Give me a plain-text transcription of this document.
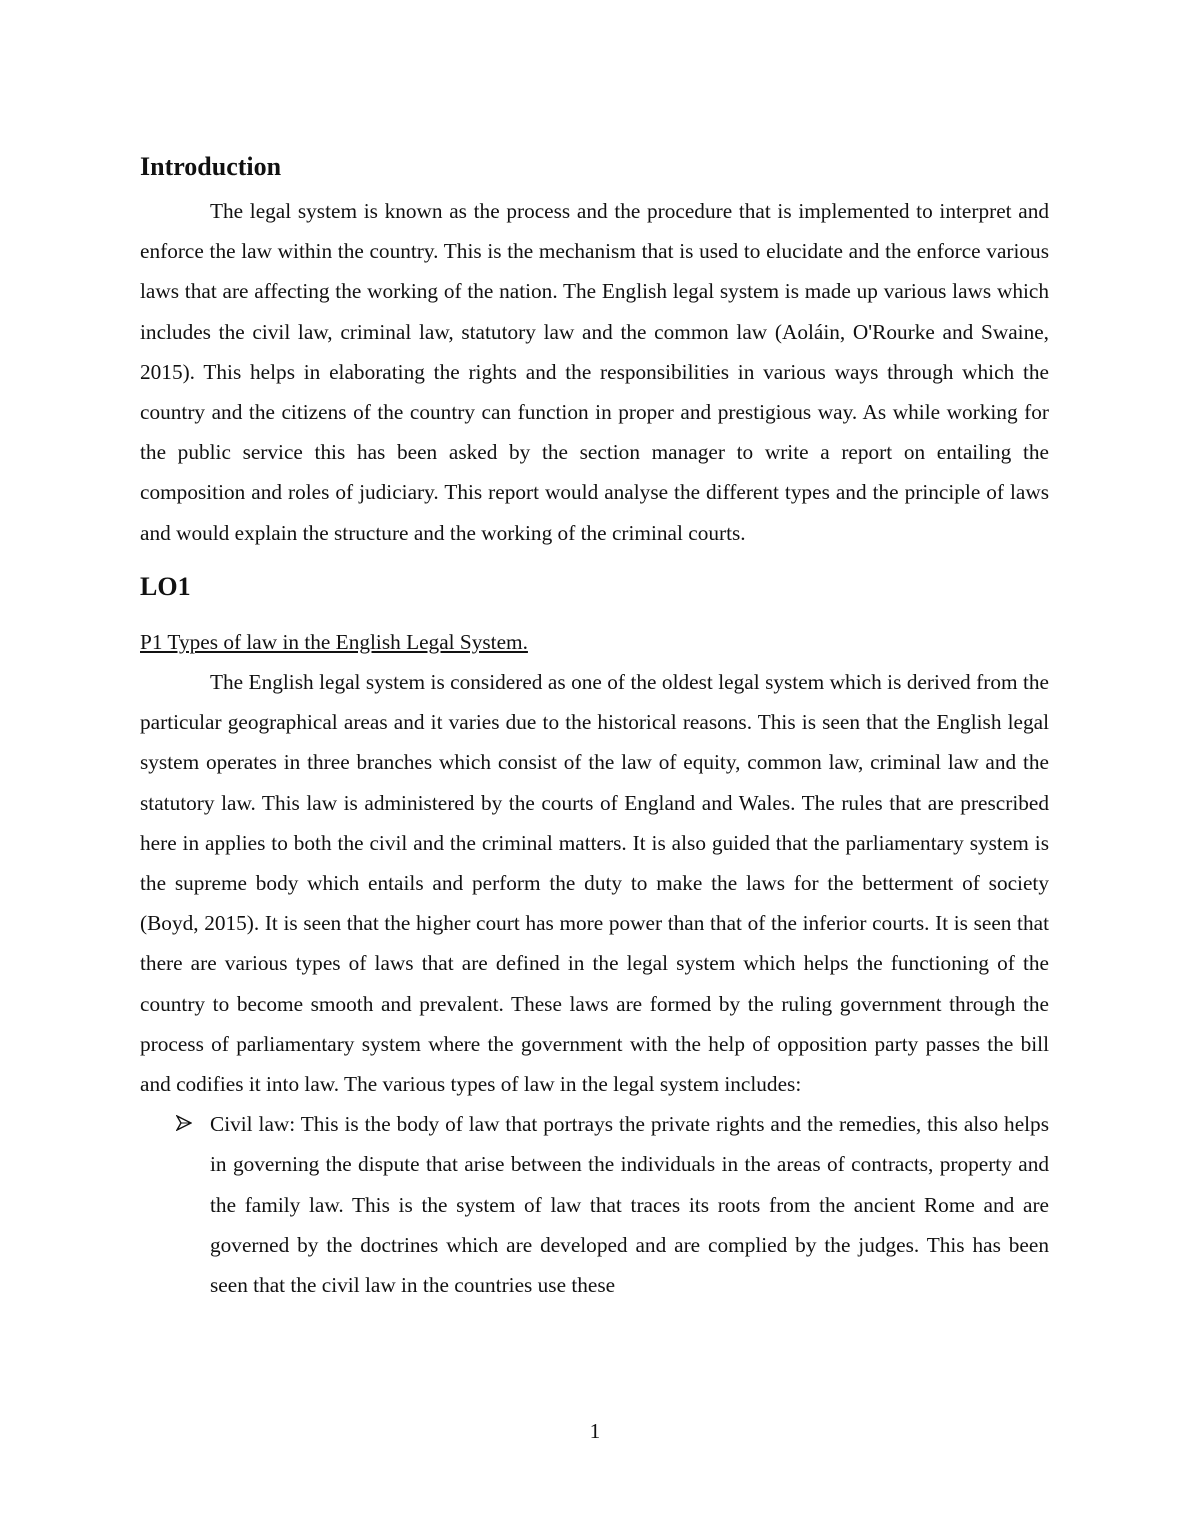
Introduction

The legal system is known as the process and the procedure that is implemented to interpret and enforce the law within the country. This is the mechanism that is used to elucidate and the enforce various laws that are affecting the working of the nation. The English legal system is made up various laws which includes the civil law, criminal law, statutory law and the common law (Aoláin, O'Rourke and Swaine, 2015). This helps in elaborating the rights and the responsibilities in various ways through which the country and the citizens of the country can function in proper and prestigious way. As while working for the public service this has been asked by the section manager to write a report on entailing the composition and roles of judiciary. This report would analyse the different types and the principle of laws and would explain the structure and the working of the criminal courts.

LO1
P1 Types of law in the English Legal System.

The English legal system is considered as one of the oldest legal system which is derived from the particular geographical areas and it varies due to the historical reasons. This is seen that the English legal system operates in three branches which consist of the law of equity, common law, criminal law and the statutory law. This law is administered by the courts of England and Wales. The rules that are prescribed here in applies to both the civil and the criminal matters. It is also guided that the parliamentary system is the supreme body which entails and perform the duty to make the laws for the betterment of society (Boyd, 2015). It is seen that the higher court has more power than that of the inferior courts. It is seen that there are various types of laws that are defined in the legal system which helps the functioning of the country to become smooth and prevalent. These laws are formed by the ruling government through the process of parliamentary system where the government with the help of opposition party passes the bill and codifies it into law. The various types of law in the legal system includes:

Civil law: This is the body of law that portrays the private rights and the remedies, this also helps in governing the dispute that arise between the individuals in the areas of contracts, property and the family law. This is the system of law that traces its roots from the ancient Rome and are governed by the doctrines which are developed and are complied by the judges. This has been seen that the civil law in the countries use these
1
